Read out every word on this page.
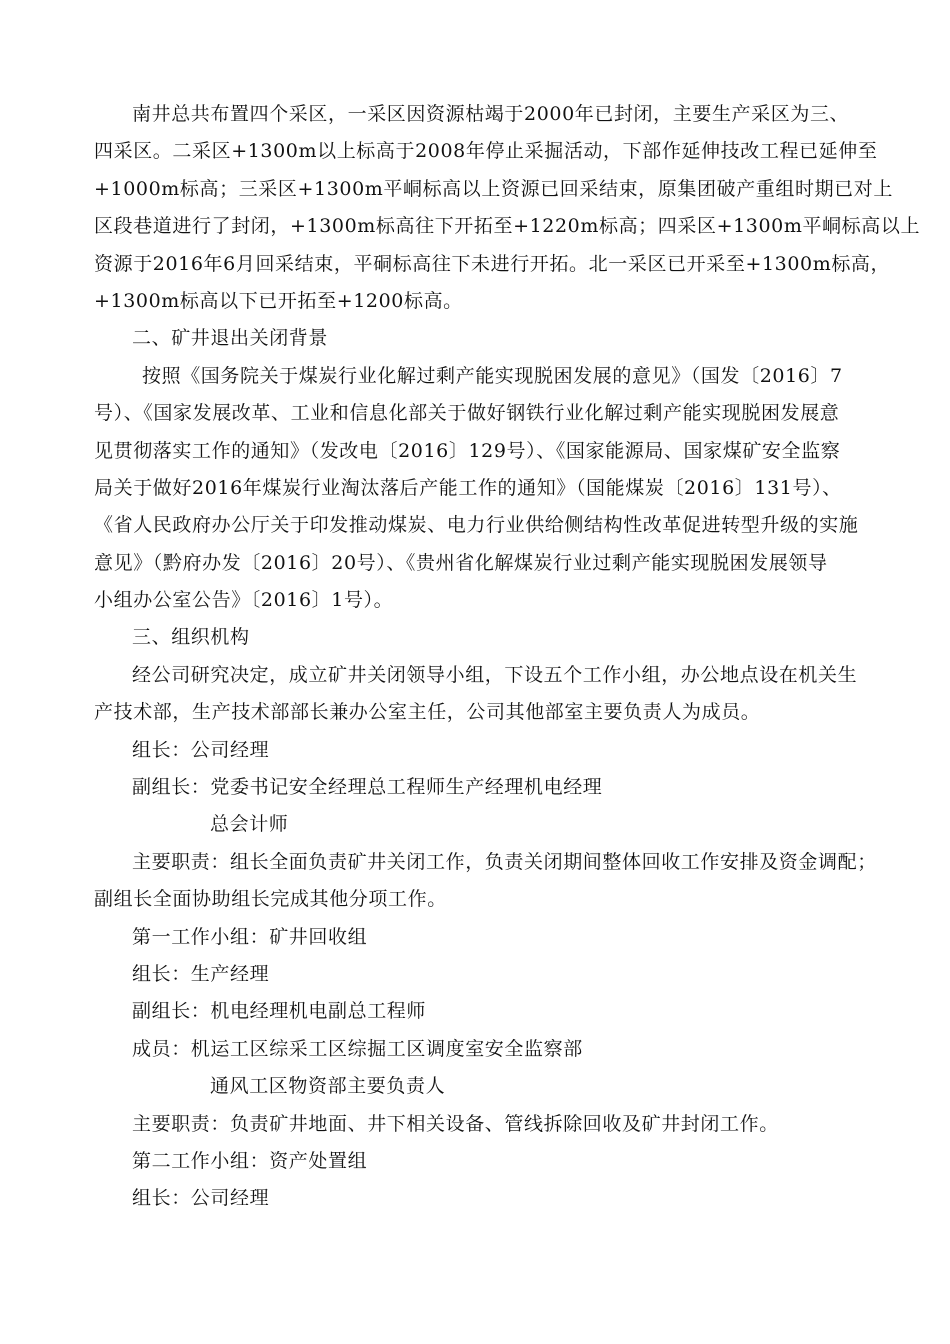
南井总共布置四个采区，一采区因资源枯竭于2000年已封闭，主要生产采区为三、
四采区。二采区+1300m以上标高于2008年停止采掘活动，下部作延伸技改工程已延伸至
+1000m标高；三采区+1300m平峒标高以上资源已回采结束，原集团破产重组时期已对上
区段巷道进行了封闭，+1300m标高往下开拓至+1220m标高；四采区+1300m平峒标高以上
资源于2016年6月回采结束，平硐标高往下未进行开拓。北一采区已开采至+1300m标高，
+1300m标高以下已开拓至+1200标高。
二、矿井退出关闭背景
按照《国务院关于煤炭行业化解过剩产能实现脱困发展的意见》（国发〔2016〕7
号）、《国家发展改革、工业和信息化部关于做好钢铁行业化解过剩产能实现脱困发展意
见贯彻落实工作的通知》（发改电〔2016〕129号）、《国家能源局、国家煤矿安全监察
局关于做好2016年煤炭行业淘汰落后产能工作的通知》（国能煤炭〔2016〕131号）、
《省人民政府办公厅关于印发推动煤炭、电力行业供给侧结构性改革促进转型升级的实施
意见》（黔府办发〔2016〕20号）、《贵州省化解煤炭行业过剩产能实现脱困发展领导
小组办公室公告》〔2016〕1号）。
三、组织机构
经公司研究决定，成立矿井关闭领导小组，下设五个工作小组，办公地点设在机关生
产技术部，生产技术部部长兼办公室主任，公司其他部室主要负责人为成员。
组长：公司经理
副组长：党委书记安全经理总工程师生产经理机电经理
总会计师
主要职责：组长全面负责矿井关闭工作，负责关闭期间整体回收工作安排及资金调配；
副组长全面协助组长完成其他分项工作。
第一工作小组：矿井回收组
组长：生产经理
副组长：机电经理机电副总工程师
成员：机运工区综采工区综掘工区调度室安全监察部
通风工区物资部主要负责人
主要职责：负责矿井地面、井下相关设备、管线拆除回收及矿井封闭工作。
第二工作小组：资产处置组
组长：公司经理
